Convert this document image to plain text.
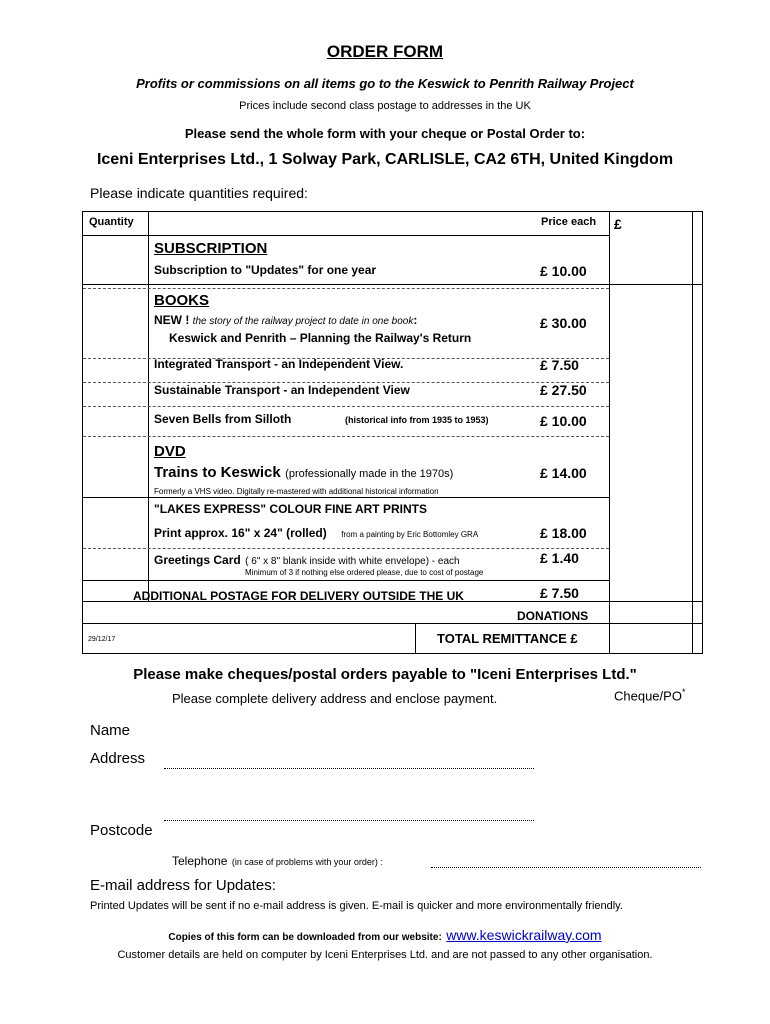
ORDER FORM
Profits or commissions on all items go to the Keswick to Penrith Railway Project
Prices include second class postage to addresses in the UK
Please send the whole form with your cheque or Postal Order to:
Iceni Enterprises Ltd., 1 Solway Park, CARLISLE, CA2 6TH, United Kingdom
Please indicate quantities required:
Quantity	Price each £
SUBSCRIPTION
Subscription to "Updates" for one year	£ 10.00
BOOKS
NEW ! the story of the railway project to date in one book:
Keswick and Penrith – Planning the Railway's Return
£ 30.00
Integrated Transport - an Independent View.	£ 7.50
Sustainable Transport - an Independent View	£ 27.50
Seven Bells from Silloth	(historical info from 1935 to 1953)	£ 10.00
DVD
Trains to Keswick (professionally made in the 1970s)	£ 14.00
Formerly a VHS video. Digitally re-mastered with additional historical information
"LAKES EXPRESS" COLOUR FINE ART PRINTS
Print approx. 16" x 24" (rolled) from a painting by Eric Bottomley GRA	£ 18.00
Greetings Card ( 6" x 8" blank inside with white envelope) - each	£ 1.40
Minimum of 3 if nothing else ordered please, due to cost of postage
ADDITIONAL POSTAGE FOR DELIVERY OUTSIDE THE UK	£ 7.50
DONATIONS
29/12/17	TOTAL REMITTANCE £
Please make cheques/postal orders payable to "Iceni Enterprises Ltd."
Please complete delivery address and enclose payment.	Cheque/PO*
Name
Address
Postcode
Telephone (in case of problems with your order) :
E-mail address for Updates:
Printed Updates will be sent if no e-mail address is given. E-mail is quicker and more environmentally friendly.
Copies of this form can be downloaded from our website: www.keswickrailway.com
Customer details are held on computer by Iceni Enterprises Ltd. and are not passed to any other organisation.
